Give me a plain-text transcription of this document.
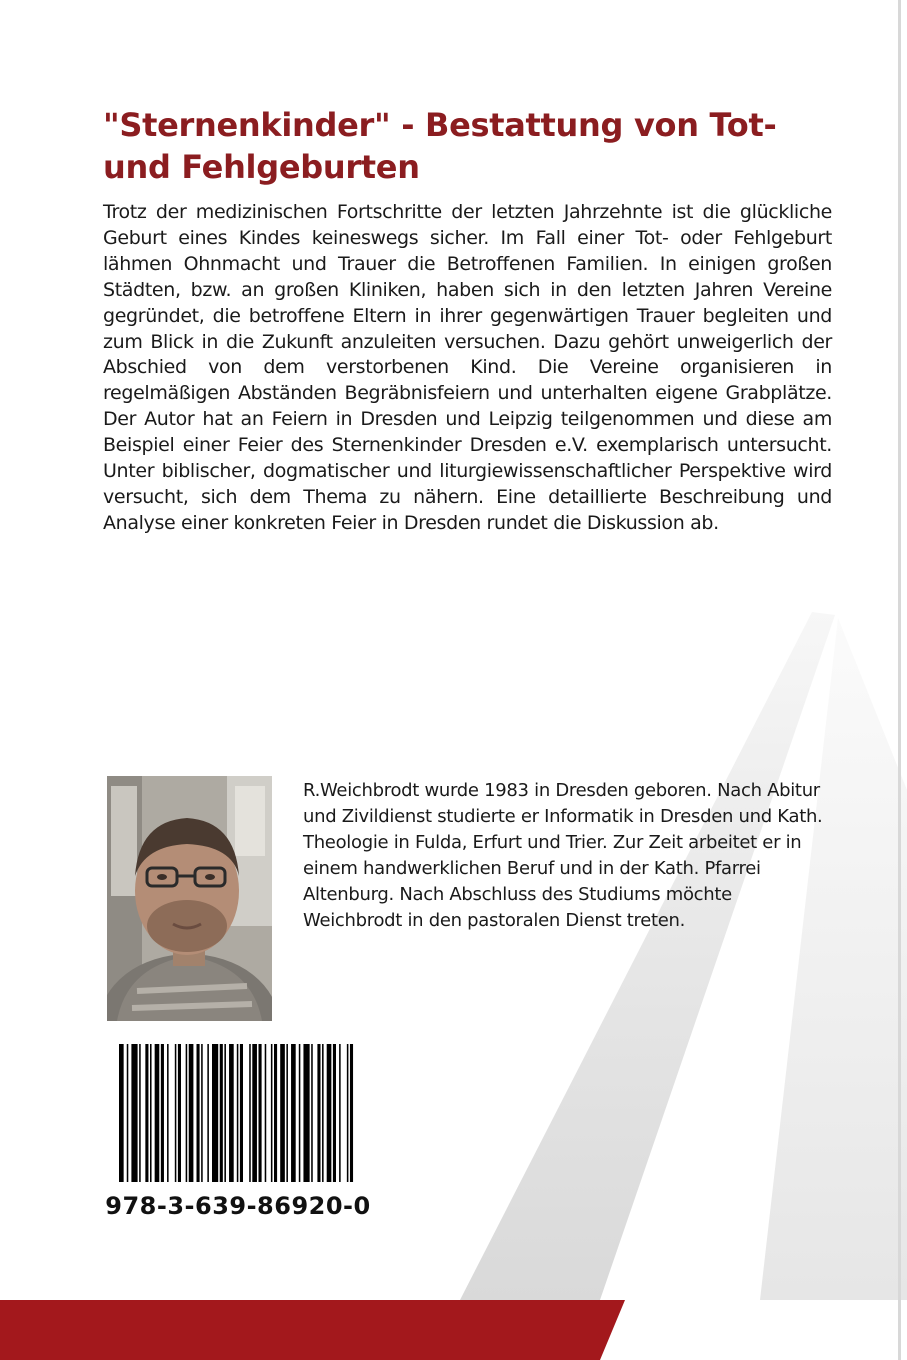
"Sternenkinder" - Bestattung von Tot- und Fehlgeburten

Trotz der medizinischen Fortschritte der letzten Jahrzehnte ist die glückliche Geburt eines Kindes keineswegs sicher. Im Fall einer Tot- oder Fehlgeburt lähmen Ohnmacht und Trauer die Betroffenen Familien. In einigen großen Städten, bzw. an großen Kliniken, haben sich in den letzten Jahren Vereine gegründet, die betroffene Eltern in ihrer gegenwärtigen Trauer begleiten und zum Blick in die Zukunft anzuleiten versuchen. Dazu gehört unweigerlich der Abschied von dem verstorbenen Kind. Die Vereine organisieren in regelmäßigen Abständen Begräbnisfeiern und unterhalten eigene Grabplätze. Der Autor hat an Feiern in Dresden und Leipzig teilgenommen und diese am Beispiel einer Feier des Sternenkinder Dresden e.V. exemplarisch untersucht. Unter biblischer, dogmatischer und liturgiewissenschaftlicher Perspektive wird versucht, sich dem Thema zu nähern. Eine detaillierte Beschreibung und Analyse einer konkreten Feier in Dresden rundet die Diskussion ab.

R.Weichbrodt wurde 1983 in Dresden geboren. Nach Abitur und Zivildienst studierte er Informatik in Dresden und Kath. Theologie in Fulda, Erfurt und Trier. Zur Zeit arbeitet er in einem handwerklichen Beruf und in der Kath. Pfarrei Altenburg. Nach Abschluss des Studiums möchte Weichbrodt in den pastoralen Dienst treten.

978-3-639-86920-0
